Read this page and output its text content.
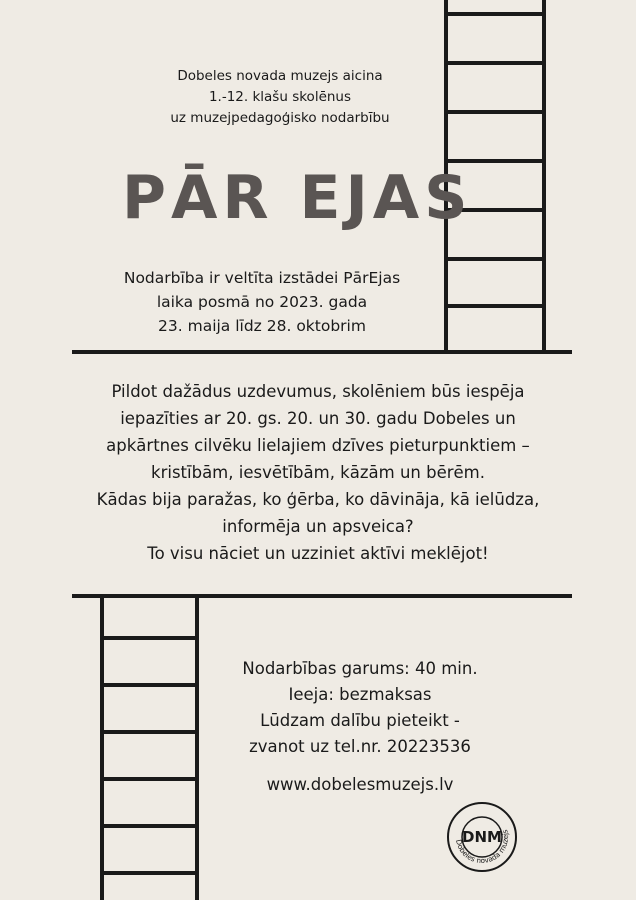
Dobeles novada muzejs aicina
1.-12. klašu skolēnus
uz muzejpedagoģisko nodarbību
PĀR EJAS
Nodarbība ir veltīta izstādei PārEjas
laika posmā no 2023. gada
23. maija līdz 28. oktobrim
Pildot dažādus uzdevumus, skolēniem būs iespēja
iepazīties ar 20. gs. 20. un 30. gadu Dobeles un
apkārtnes cilvēku lielajiem dzīves pieturpunktiem –
kristībām, iesvētībām, kāzām un bērēm.
Kādas bija paražas, ko ģērba, ko dāvināja, kā ielūdza,
informēja un apsveica?
To visu nāciet un uzziniet aktīvi meklējot!
Nodarbības garums: 40 min.
Ieeja: bezmaksas
Lūdzam dalību pieteikt -
zvanot uz tel.nr. 20223536
www.dobelesmuzejs.lv
Dobeles novada muzejs
DNM
